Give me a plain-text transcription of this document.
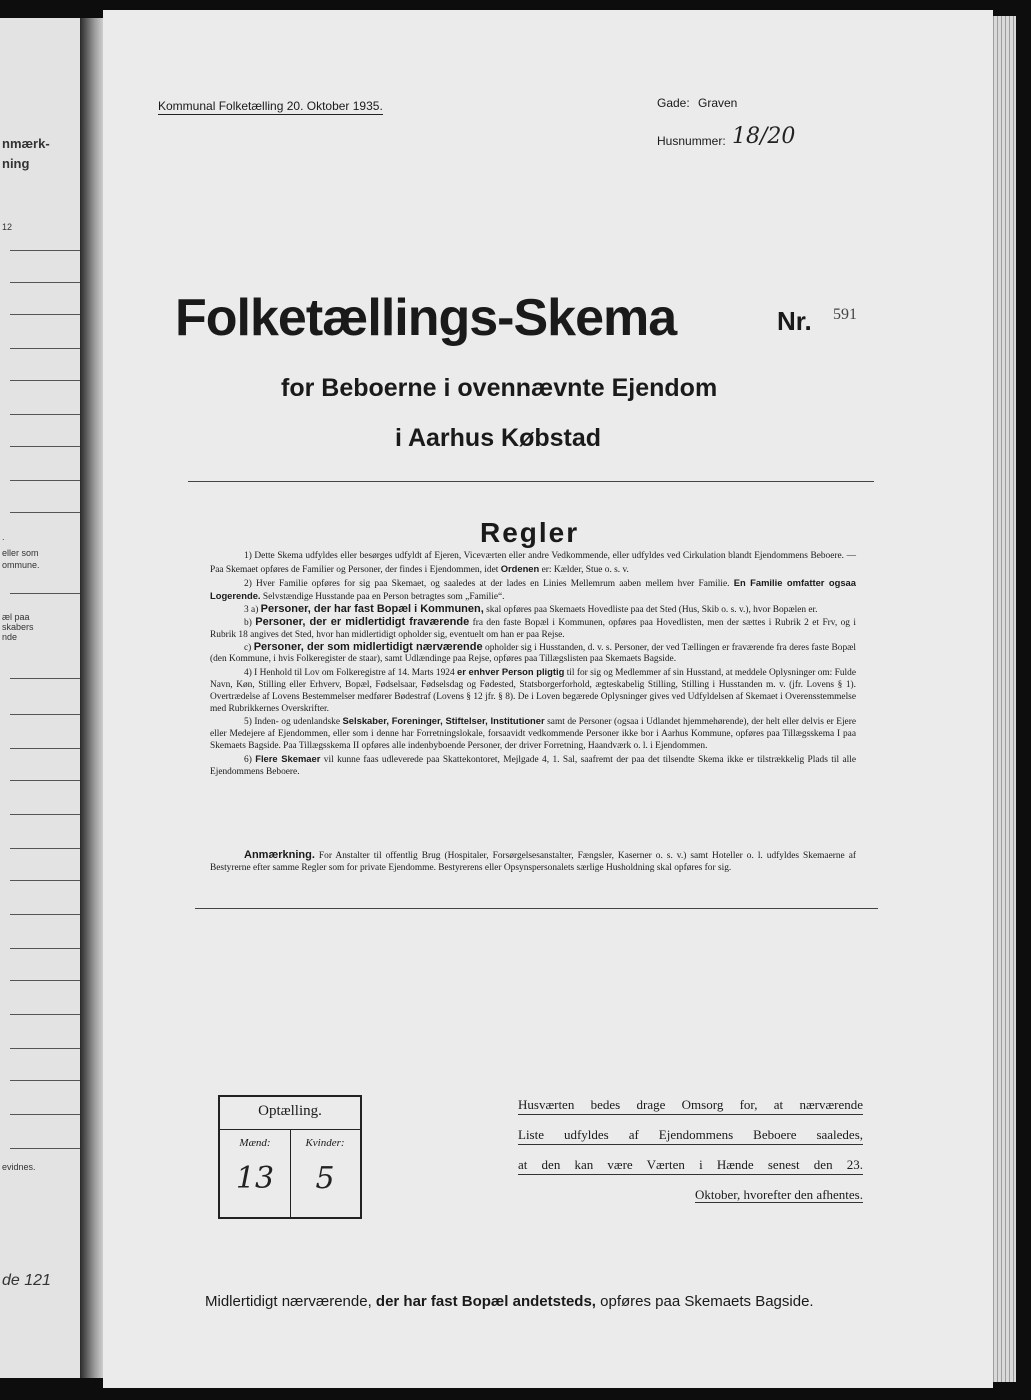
nmærk-
ning
12
.
eller som
ommune.
æl paa
skabers
nde
evidnes.
de 121
Kommunal Folketælling 20. Oktober 1935.	Gade: Graven
Husnummer: 18/20
Folketællings-Skema	Nr. 591
for Beboerne i ovennævnte Ejendom
i Aarhus Købstad
Regler

1) Dette Skema udfyldes eller besørges udfyldt af Ejeren, Viceværten eller andre Vedkommende, eller udfyldes ved Cirkulation blandt Ejendommens Beboere. — Paa Skemaet opføres de Familier og Personer, der findes i Ejendommen, idet Ordenen er: Kælder, Stue o. s. v.

2) Hver Familie opføres for sig paa Skemaet, og saaledes at der lades en Linies Mellemrum aaben mellem hver Familie. En Familie omfatter ogsaa Logerende. Selvstændige Husstande paa en Person betragtes som „Familie“.

3 a) Personer, der har fast Bopæl i Kommunen, skal opføres paa Skemaets Hovedliste paa det Sted (Hus, Skib o. s. v.), hvor Bopælen er.

b) Personer, der er midlertidigt fraværende fra den faste Bopæl i Kommunen, opføres paa Hovedlisten, men der sættes i Rubrik 2 et Frv, og i Rubrik 18 angives det Sted, hvor han midlertidigt opholder sig, eventuelt om han er paa Rejse.

c) Personer, der som midlertidigt nærværende opholder sig i Husstanden, d. v. s. Personer, der ved Tællingen er fraværende fra deres faste Bopæl (den Kommune, i hvis Folkeregister de staar), samt Udlændinge paa Rejse, opføres paa Tillægslisten paa Skemaets Bagside.

4) I Henhold til Lov om Folkeregistre af 14. Marts 1924 er enhver Person pligtig til for sig og Medlemmer af sin Husstand, at meddele Oplysninger om: Fulde Navn, Køn, Stilling eller Erhverv, Bopæl, Fødselsaar, Fødselsdag og Fødested, Statsborgerforhold, ægteskabelig Stilling, Stilling i Husstanden m. v. (jfr. Lovens § 1). Overtrædelse af Lovens Bestemmelser medfører Bødestraf (Lovens § 12 jfr. § 8). De i Loven begærede Oplysninger gives ved Udfyldelsen af Skemaet i Overensstemmelse med Rubrikkernes Overskrifter.

5) Inden- og udenlandske Selskaber, Foreninger, Stiftelser, Institutioner samt de Personer (ogsaa i Udlandet hjemmehørende), der helt eller delvis er Ejere eller Medejere af Ejendommen, eller som i denne har Forretningslokale, forsaavidt vedkommende Personer ikke bor i Aarhus Kommune, opføres paa Tillægsskema I paa Skemaets Bagside. Paa Tillægsskema II opføres alle indenbyboende Personer, der driver Forretning, Haandværk o. l. i Ejendommen.

6) Flere Skemaer vil kunne faas udleverede paa Skattekontoret, Mejlgade 4, 1. Sal, saafremt der paa det tilsendte Skema ikke er tilstrækkelig Plads til alle Ejendommens Beboere.

Anmærkning. For Anstalter til offentlig Brug (Hospitaler, Forsørgelsesanstalter, Fængsler, Kaserner o. s. v.) samt Hoteller o. l. udfyldes Skemaerne af Bestyrerne efter samme Regler som for private Ejendomme. Bestyrerens eller Opsynspersonalets særlige Husholdning skal opføres for sig.

Optælling.
Mænd:	Kvinder:
13	5
Husværten bedes drage Omsorg for, at nærværende
Liste udfyldes af Ejendommens Beboere saaledes,
at den kan være Værten i Hænde senest den 23.
Oktober, hvorefter den afhentes.
Midlertidigt nærværende, der har fast Bopæl andetsteds, opføres paa Skemaets Bagside.
